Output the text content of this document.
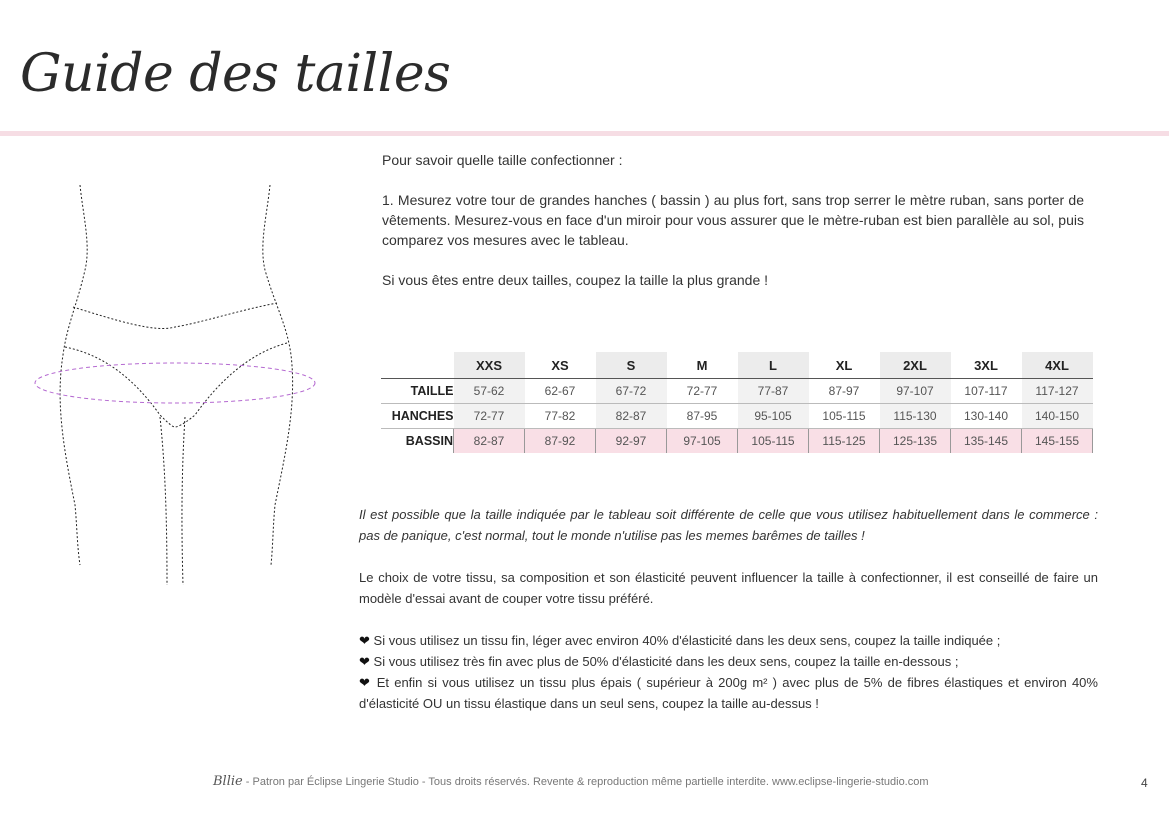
Guide des tailles

Pour savoir quelle taille confectionner :

1. Mesurez votre tour de grandes hanches ( bassin ) au plus fort, sans trop serrer le mètre ruban, sans porter de vêtements. Mesurez-vous en face d'un miroir pour vous assurer que le mètre-ruban est bien parallèle au sol, puis comparez vos mesures avec le tableau.

Si vous êtes entre deux tailles, coupez la taille la plus grande !

	XXS	XS	S	M	L	XL	2XL	3XL	4XL
TAILLE	57-62	62-67	67-72	72-77	77-87	87-97	97-107	107-117	117-127
HANCHES	72-77	77-82	82-87	87-95	95-105	105-115	115-130	130-140	140-150
BASSIN	82-87	87-92	92-97	97-105	105-115	115-125	125-135	135-145	145-155

Il est possible que la taille indiquée par le tableau soit différente de celle que vous utilisez habituellement dans le commerce : pas de panique, c'est normal, tout le monde n'utilise pas les memes barêmes de tailles !

Le choix de votre tissu, sa composition et son élasticité peuvent influencer la taille à confectionner, il est conseillé de faire un modèle d'essai avant de couper votre tissu préféré.

❤ Si vous utilisez un tissu fin, léger avec environ 40% d'élasticité dans les deux sens, coupez la taille indiquée ;

❤ Si vous utilisez très fin avec plus de 50% d'élasticité dans les deux sens, coupez la taille en-dessous ;

❤ Et enfin si vous utilisez un tissu plus épais ( supérieur à 200g m² ) avec plus de 5% de fibres élastiques et environ 40% d'élasticité OU un tissu élastique dans un seul sens, coupez la taille au-dessus !

Bllie - Patron par Éclipse Lingerie Studio - Tous droits réservés. Revente & reproduction même partielle interdite. www.eclipse-lingerie-studio.com	4
